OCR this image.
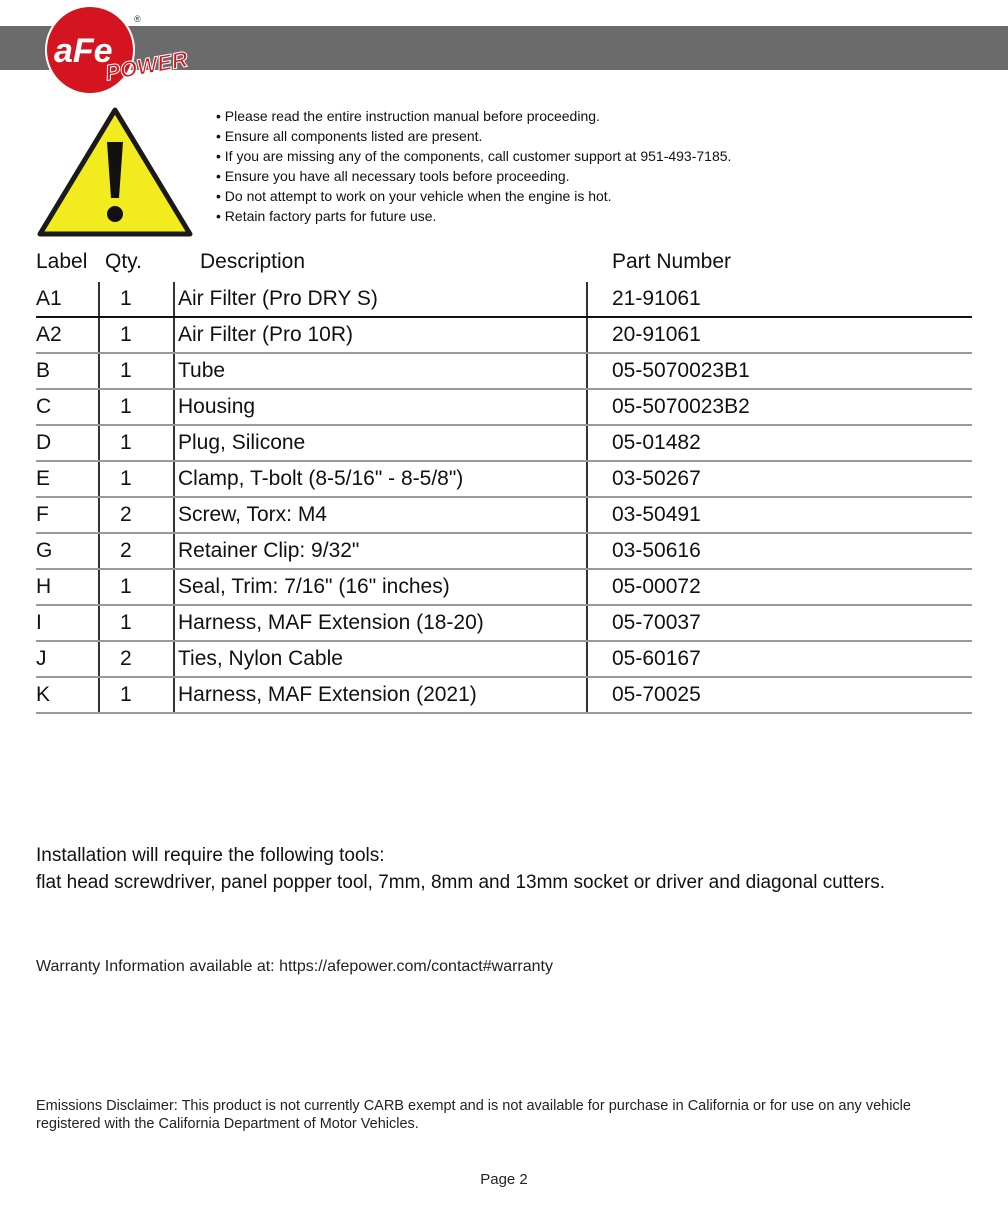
aFe
POWER
®
• Please read the entire instruction manual before proceeding.
• Ensure all components listed are present.
• If you are missing any of the components, call customer support at 951-493-7185.
• Ensure you have all necessary tools before proceeding.
• Do not attempt to work on your vehicle when the engine is hot.
• Retain factory parts for future use.
Label Qty.	Description	Part Number
A1	1 Air Filter (Pro DRY S)	21-91061
A2	1 Air Filter (Pro 10R)	20-91061
B	1 Tube	05-5070023B1
C	1 Housing	05-5070023B2
D	1 Plug, Silicone	05-01482
E	1 Clamp, T-bolt (8-5/16" - 8-5/8")	03-50267
F	2 Screw, Torx: M4	03-50491
G	2 Retainer Clip: 9/32"	03-50616
H	1 Seal, Trim: 7/16" (16" inches)	05-00072
I	1 Harness, MAF Extension (18-20)	05-70037
J	2 Ties, Nylon Cable	05-60167
K	1 Harness, MAF Extension (2021)	05-70025
Installation will require the following tools:
flat head screwdriver, panel popper tool, 7mm, 8mm and 13mm socket or driver and diagonal cutters.
Warranty Information available at: https://afepower.com/contact#warranty
Emissions Disclaimer: This product is not currently CARB exempt and is not available for purchase in California or for use on any vehicle registered with the California Department of Motor Vehicles.
Page 2
